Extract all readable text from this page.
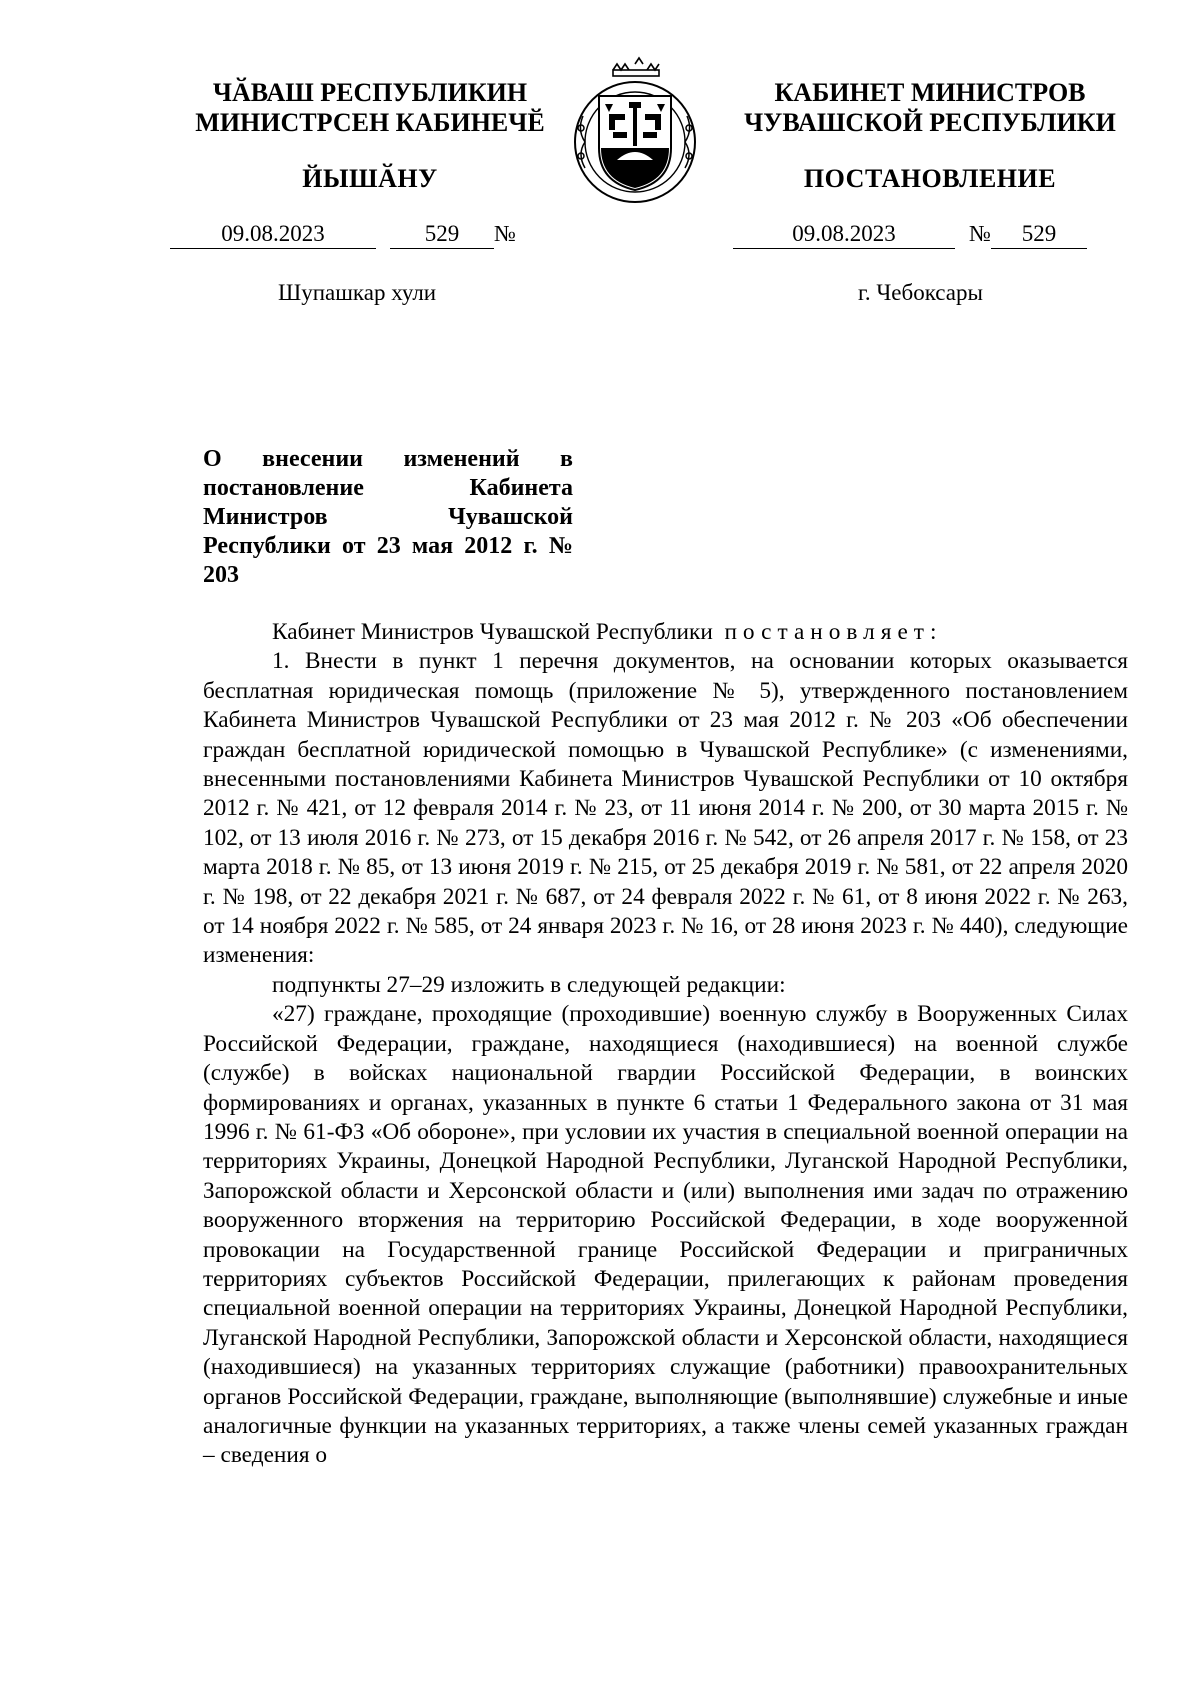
ЧӐВАШ РЕСПУБЛИКИН
МИНИСТРСЕН КАБИНЕЧӖ
ЙЫШӐНУ
КАБИНЕТ МИНИСТРОВ
ЧУВАШСКОЙ РЕСПУБЛИКИ
ПОСТАНОВЛЕНИЕ
09.08.2023	529 №	09.08.2023	№ 529
Шупашкар хули	г. Чебоксары
О внесении изменений в постановление Кабинета Министров Чувашской Республики от 23 мая 2012 г. № 203

Кабинет Министров Чувашской Республики постановляет:

1. Внести в пункт 1 перечня документов, на основании которых оказывается бесплатная юридическая помощь (приложение № 5), утвержденного постановлением Кабинета Министров Чувашской Республики от 23 мая 2012 г. № 203 «Об обеспечении граждан бесплатной юридической помощью в Чувашской Республике» (с изменениями, внесенными постановлениями Кабинета Министров Чувашской Республики от 10 октября 2012 г. № 421, от 12 февраля 2014 г. № 23, от 11 июня 2014 г. № 200, от 30 марта 2015 г. № 102, от 13 июля 2016 г. № 273, от 15 декабря 2016 г. № 542, от 26 апреля 2017 г. № 158, от 23 марта 2018 г. № 85, от 13 июня 2019 г. № 215, от 25 декабря 2019 г. № 581, от 22 апреля 2020 г. № 198, от 22 декабря 2021 г. № 687, от 24 февраля 2022 г. № 61, от 8 июня 2022 г. № 263, от 14 ноября 2022 г. № 585, от 24 января 2023 г. № 16, от 28 июня 2023 г. № 440), следующие изменения:

подпункты 27–29 изложить в следующей редакции:

«27) граждане, проходящие (проходившие) военную службу в Вооруженных Силах Российской Федерации, граждане, находящиеся (находившиеся) на военной службе (службе) в войсках национальной гвардии Российской Федерации, в воинских формированиях и органах, указанных в пункте 6 статьи 1 Федерального закона от 31 мая 1996 г. № 61-ФЗ «Об обороне», при условии их участия в специальной военной операции на территориях Украины, Донецкой Народной Республики, Луганской Народной Республики, Запорожской области и Херсонской области и (или) выполнения ими задач по отражению вооруженного вторжения на территорию Российской Федерации, в ходе вооруженной провокации на Государственной границе Российской Федерации и приграничных территориях субъектов Российской Федерации, прилегающих к районам проведения специальной военной операции на территориях Украины, Донецкой Народной Республики, Луганской Народной Республики, Запорожской области и Херсонской области, находящиеся (находившиеся) на указанных территориях служащие (работники) правоохранительных органов Российской Федерации, граждане, выполняющие (выполнявшие) служебные и иные аналогичные функции на указанных территориях, а также члены семей указанных граждан – сведения о
